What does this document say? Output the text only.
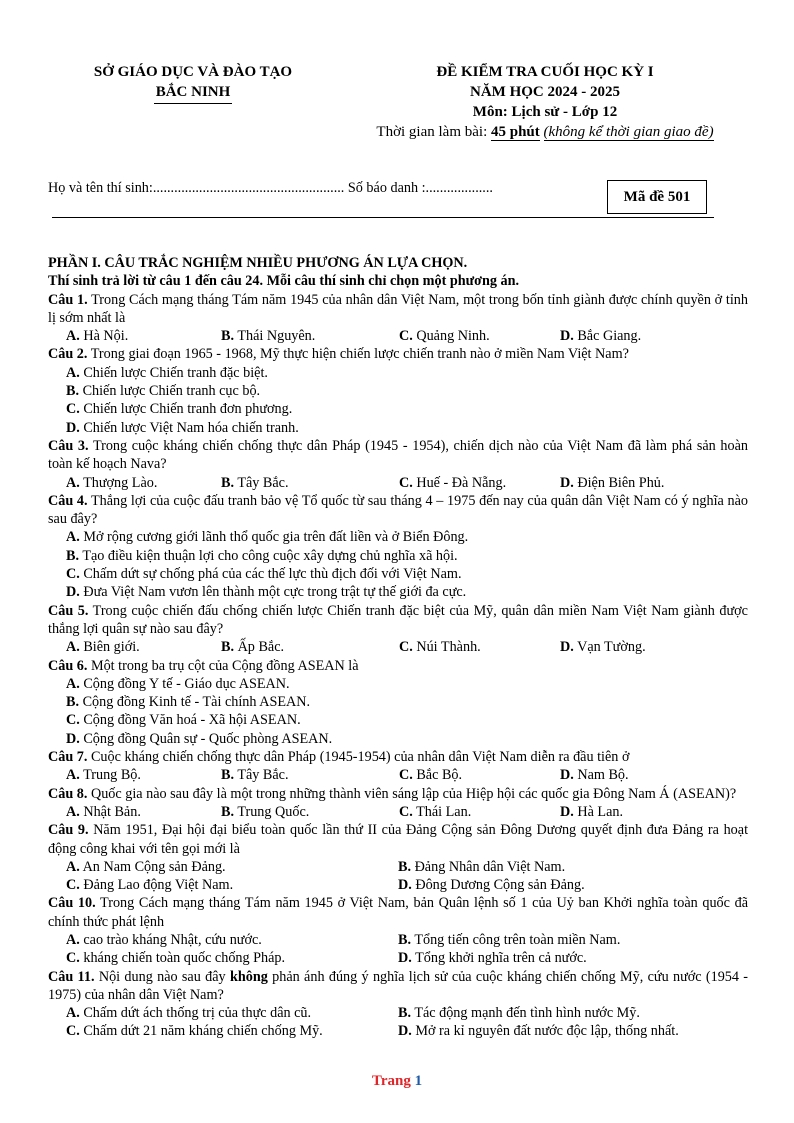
SỞ GIÁO DỤC VÀ ĐÀO TẠO
BẮC NINH
ĐỀ KIỂM TRA CUỐI HỌC KỲ I
NĂM HỌC 2024 - 2025
Môn: Lịch sử - Lớp 12
Thời gian làm bài: 45 phút (không kể thời gian giao đề)
Họ và tên thí sinh:...................................................... Số báo danh :...................
Mã đề 501
PHẦN I. CÂU TRẮC NGHIỆM NHIỀU PHƯƠNG ÁN LỰA CHỌN.
Thí sinh trả lời từ câu 1 đến câu 24. Mỗi câu thí sinh chỉ chọn một phương án.
Câu 1. Trong Cách mạng tháng Tám năm 1945 của nhân dân Việt Nam, một trong bốn tỉnh giành được chính quyền ở tỉnh lị sớm nhất là
A. Hà Nội.	B. Thái Nguyên.	C. Quảng Ninh.	D. Bắc Giang.
Câu 2. Trong giai đoạn 1965 - 1968, Mỹ thực hiện chiến lược chiến tranh nào ở miền Nam Việt Nam?
A. Chiến lược Chiến tranh đặc biệt.
B. Chiến lược Chiến tranh cục bộ.
C. Chiến lược Chiến tranh đơn phương.
D. Chiến lược Việt Nam hóa chiến tranh.
Câu 3. Trong cuộc kháng chiến chống thực dân Pháp (1945 - 1954), chiến dịch nào của Việt Nam đã làm phá sản hoàn toàn kế hoạch Nava?
A. Thượng Lào.	B. Tây Bắc.	C. Huế - Đà Nẵng.	D. Điện Biên Phủ.
Câu 4. Thắng lợi của cuộc đấu tranh bảo vệ Tổ quốc từ sau tháng 4 – 1975 đến nay của quân dân Việt Nam có ý nghĩa nào sau đây?
A. Mở rộng cương giới lãnh thổ quốc gia trên đất liền và ở Biển Đông.
B. Tạo điều kiện thuận lợi cho công cuộc xây dựng chủ nghĩa xã hội.
C. Chấm dứt sự chống phá của các thế lực thù địch đối với Việt Nam.
D. Đưa Việt Nam vươn lên thành một cực trong trật tự thế giới đa cực.
Câu 5. Trong cuộc chiến đấu chống chiến lược Chiến tranh đặc biệt của Mỹ, quân dân miền Nam Việt Nam giành được thắng lợi quân sự nào sau đây?
A. Biên giới.	B. Ấp Bắc.	C. Núi Thành.	D. Vạn Tường.
Câu 6. Một trong ba trụ cột của Cộng đồng ASEAN là
A. Cộng đồng Y tế - Giáo dục ASEAN.
B. Cộng đồng Kinh tế - Tài chính ASEAN.
C. Cộng đồng Văn hoá - Xã hội ASEAN.
D. Cộng đồng Quân sự - Quốc phòng ASEAN.
Câu 7. Cuộc kháng chiến chống thực dân Pháp (1945-1954) của nhân dân Việt Nam diễn ra đầu tiên ở
A. Trung Bộ.	B. Tây Bắc.	C. Bắc Bộ.	D. Nam Bộ.
Câu 8. Quốc gia nào sau đây là một trong những thành viên sáng lập của Hiệp hội các quốc gia Đông Nam Á (ASEAN)?
A. Nhật Bản.	B. Trung Quốc.	C. Thái Lan.	D. Hà Lan.
Câu 9. Năm 1951, Đại hội đại biểu toàn quốc lần thứ II của Đảng Cộng sản Đông Dương quyết định đưa Đảng ra hoạt động công khai với tên gọi mới là
A. An Nam Cộng sản Đảng.	B. Đảng Nhân dân Việt Nam.
C. Đảng Lao động Việt Nam.	D. Đông Dương Cộng sản Đảng.
Câu 10. Trong Cách mạng tháng Tám năm 1945 ở Việt Nam, bản Quân lệnh số 1 của Uỷ ban Khởi nghĩa toàn quốc đã chính thức phát lệnh
A. cao trào kháng Nhật, cứu nước.	B. Tổng tiến công trên toàn miền Nam.
C. kháng chiến toàn quốc chống Pháp.	D. Tổng khởi nghĩa trên cả nước.
Câu 11. Nội dung nào sau đây không phản ánh đúng ý nghĩa lịch sử của cuộc kháng chiến chống Mỹ, cứu nước (1954 - 1975) của nhân dân Việt Nam?
A. Chấm dứt ách thống trị của thực dân cũ.	B. Tác động mạnh đến tình hình nước Mỹ.
C. Chấm dứt 21 năm kháng chiến chống Mỹ.	D. Mở ra kỉ nguyên đất nước độc lập, thống nhất.
Trang 1
